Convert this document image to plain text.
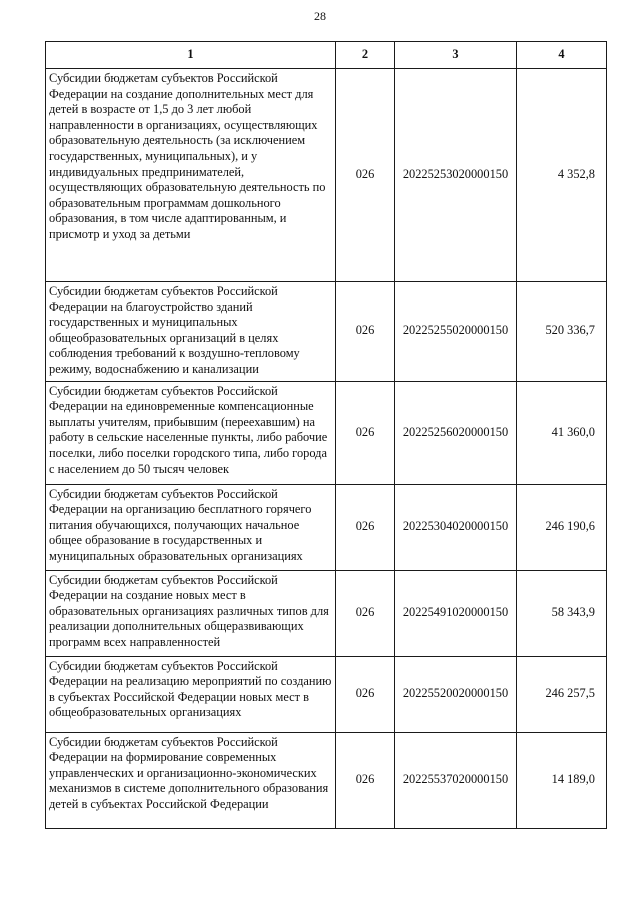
28
1	2	3	4
Субсидии бюджетам субъектов Российской Федерации на создание дополнительных мест для детей в возрасте от 1,5 до 3 лет любой направленности в организациях, осуществляющих образовательную деятельность (за исключением государственных, муниципальных), и у индивидуальных предпринимателей, осуществляющих образовательную деятельность по образовательным программам дошкольного образования, в том числе адаптированным, и присмотр и уход за детьми	026	20225253020000150	4 352,8
Субсидии бюджетам субъектов Российской Федерации на благоустройство зданий государственных и муниципальных общеобразовательных организаций в целях соблюдения требований к воздушно-тепловому режиму, водоснабжению и канализации	026	20225255020000150	520 336,7
Субсидии бюджетам субъектов Российской Федерации на единовременные компенсационные выплаты учителям, прибывшим (переехавшим) на работу в сельские населенные пункты, либо рабочие поселки, либо поселки городского типа, либо города с населением до 50 тысяч человек	026	20225256020000150	41 360,0
Субсидии бюджетам субъектов Российской Федерации на организацию бесплатного горячего питания обучающихся, получающих начальное общее образование в государственных и муниципальных образовательных организациях	026	20225304020000150	246 190,6
Субсидии бюджетам субъектов Российской Федерации на создание новых мест в образовательных организациях различных типов для реализации дополнительных общеразвивающих программ всех направленностей	026	20225491020000150	58 343,9
Субсидии бюджетам субъектов Российской Федерации на реализацию мероприятий по созданию в субъектах Российской Федерации новых мест в общеобразовательных организациях	026	20225520020000150	246 257,5
Субсидии бюджетам субъектов Российской Федерации на формирование современных управленческих и организационно-экономических механизмов в системе дополнительного образования детей в субъектах Российской Федерации	026	20225537020000150	14 189,0
